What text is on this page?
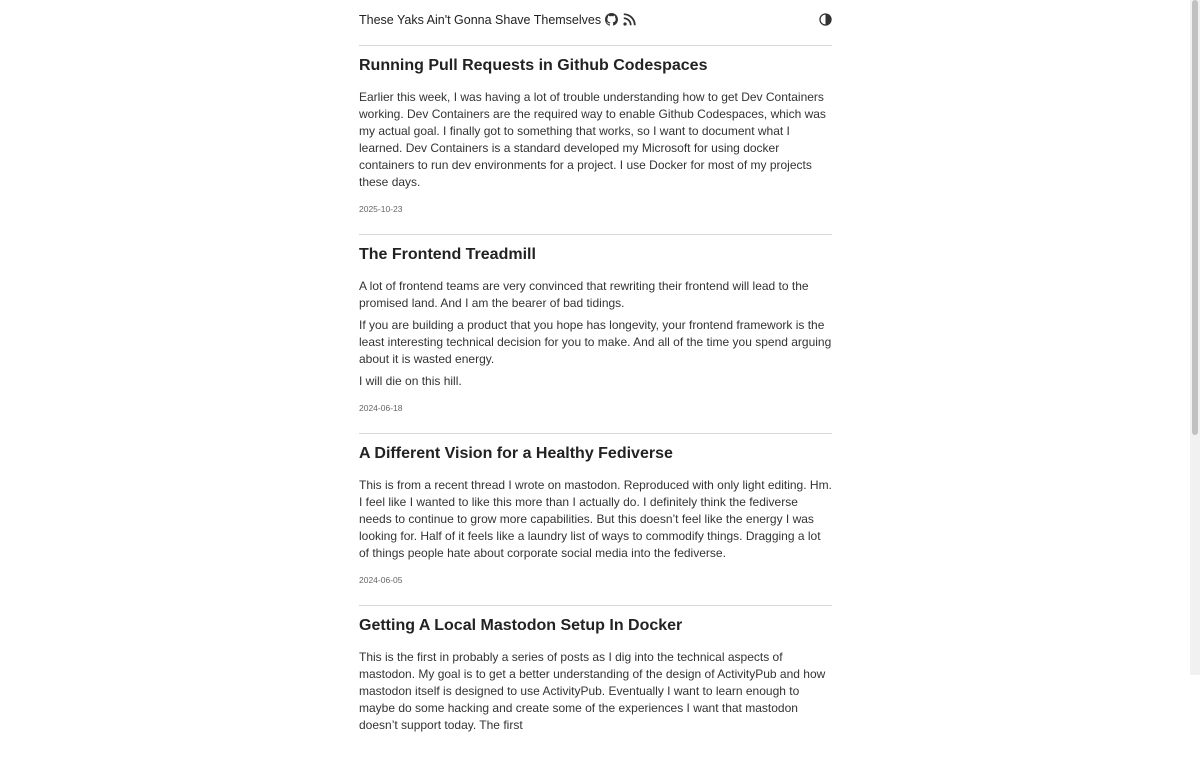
These Yaks Ain't Gonna Shave Themselves
Running Pull Requests in Github Codespaces

Earlier this week, I was having a lot of trouble understanding how to get Dev Containers working. Dev Containers are the required way to enable Github Codespaces, which was my actual goal. I finally got to something that works, so I want to document what I learned. Dev Containers is a standard developed my Microsoft for using docker containers to run dev environments for a project. I use Docker for most of my projects these days.

2025-10-23
The Frontend Treadmill

A lot of frontend teams are very convinced that rewriting their frontend will lead to the promised land. And I am the bearer of bad tidings.

If you are building a product that you hope has longevity, your frontend framework is the least interesting technical decision for you to make. And all of the time you spend arguing about it is wasted energy.

I will die on this hill.

2024-06-18
A Different Vision for a Healthy Fediverse

This is from a recent thread I wrote on mastodon. Reproduced with only light editing. Hm. I feel like I wanted to like this more than I actually do. I definitely think the fediverse needs to continue to grow more capabilities. But this doesn’t feel like the energy I was looking for. Half of it feels like a laundry list of ways to commodify things. Dragging a lot of things people hate about corporate social media into the fediverse.

2024-06-05
Getting A Local Mastodon Setup In Docker

This is the first in probably a series of posts as I dig into the technical aspects of mastodon. My goal is to get a better understanding of the design of ActivityPub and how mastodon itself is designed to use ActivityPub. Eventually I want to learn enough to maybe do some hacking and create some of the experiences I want that mastodon doesn’t support today. The first
